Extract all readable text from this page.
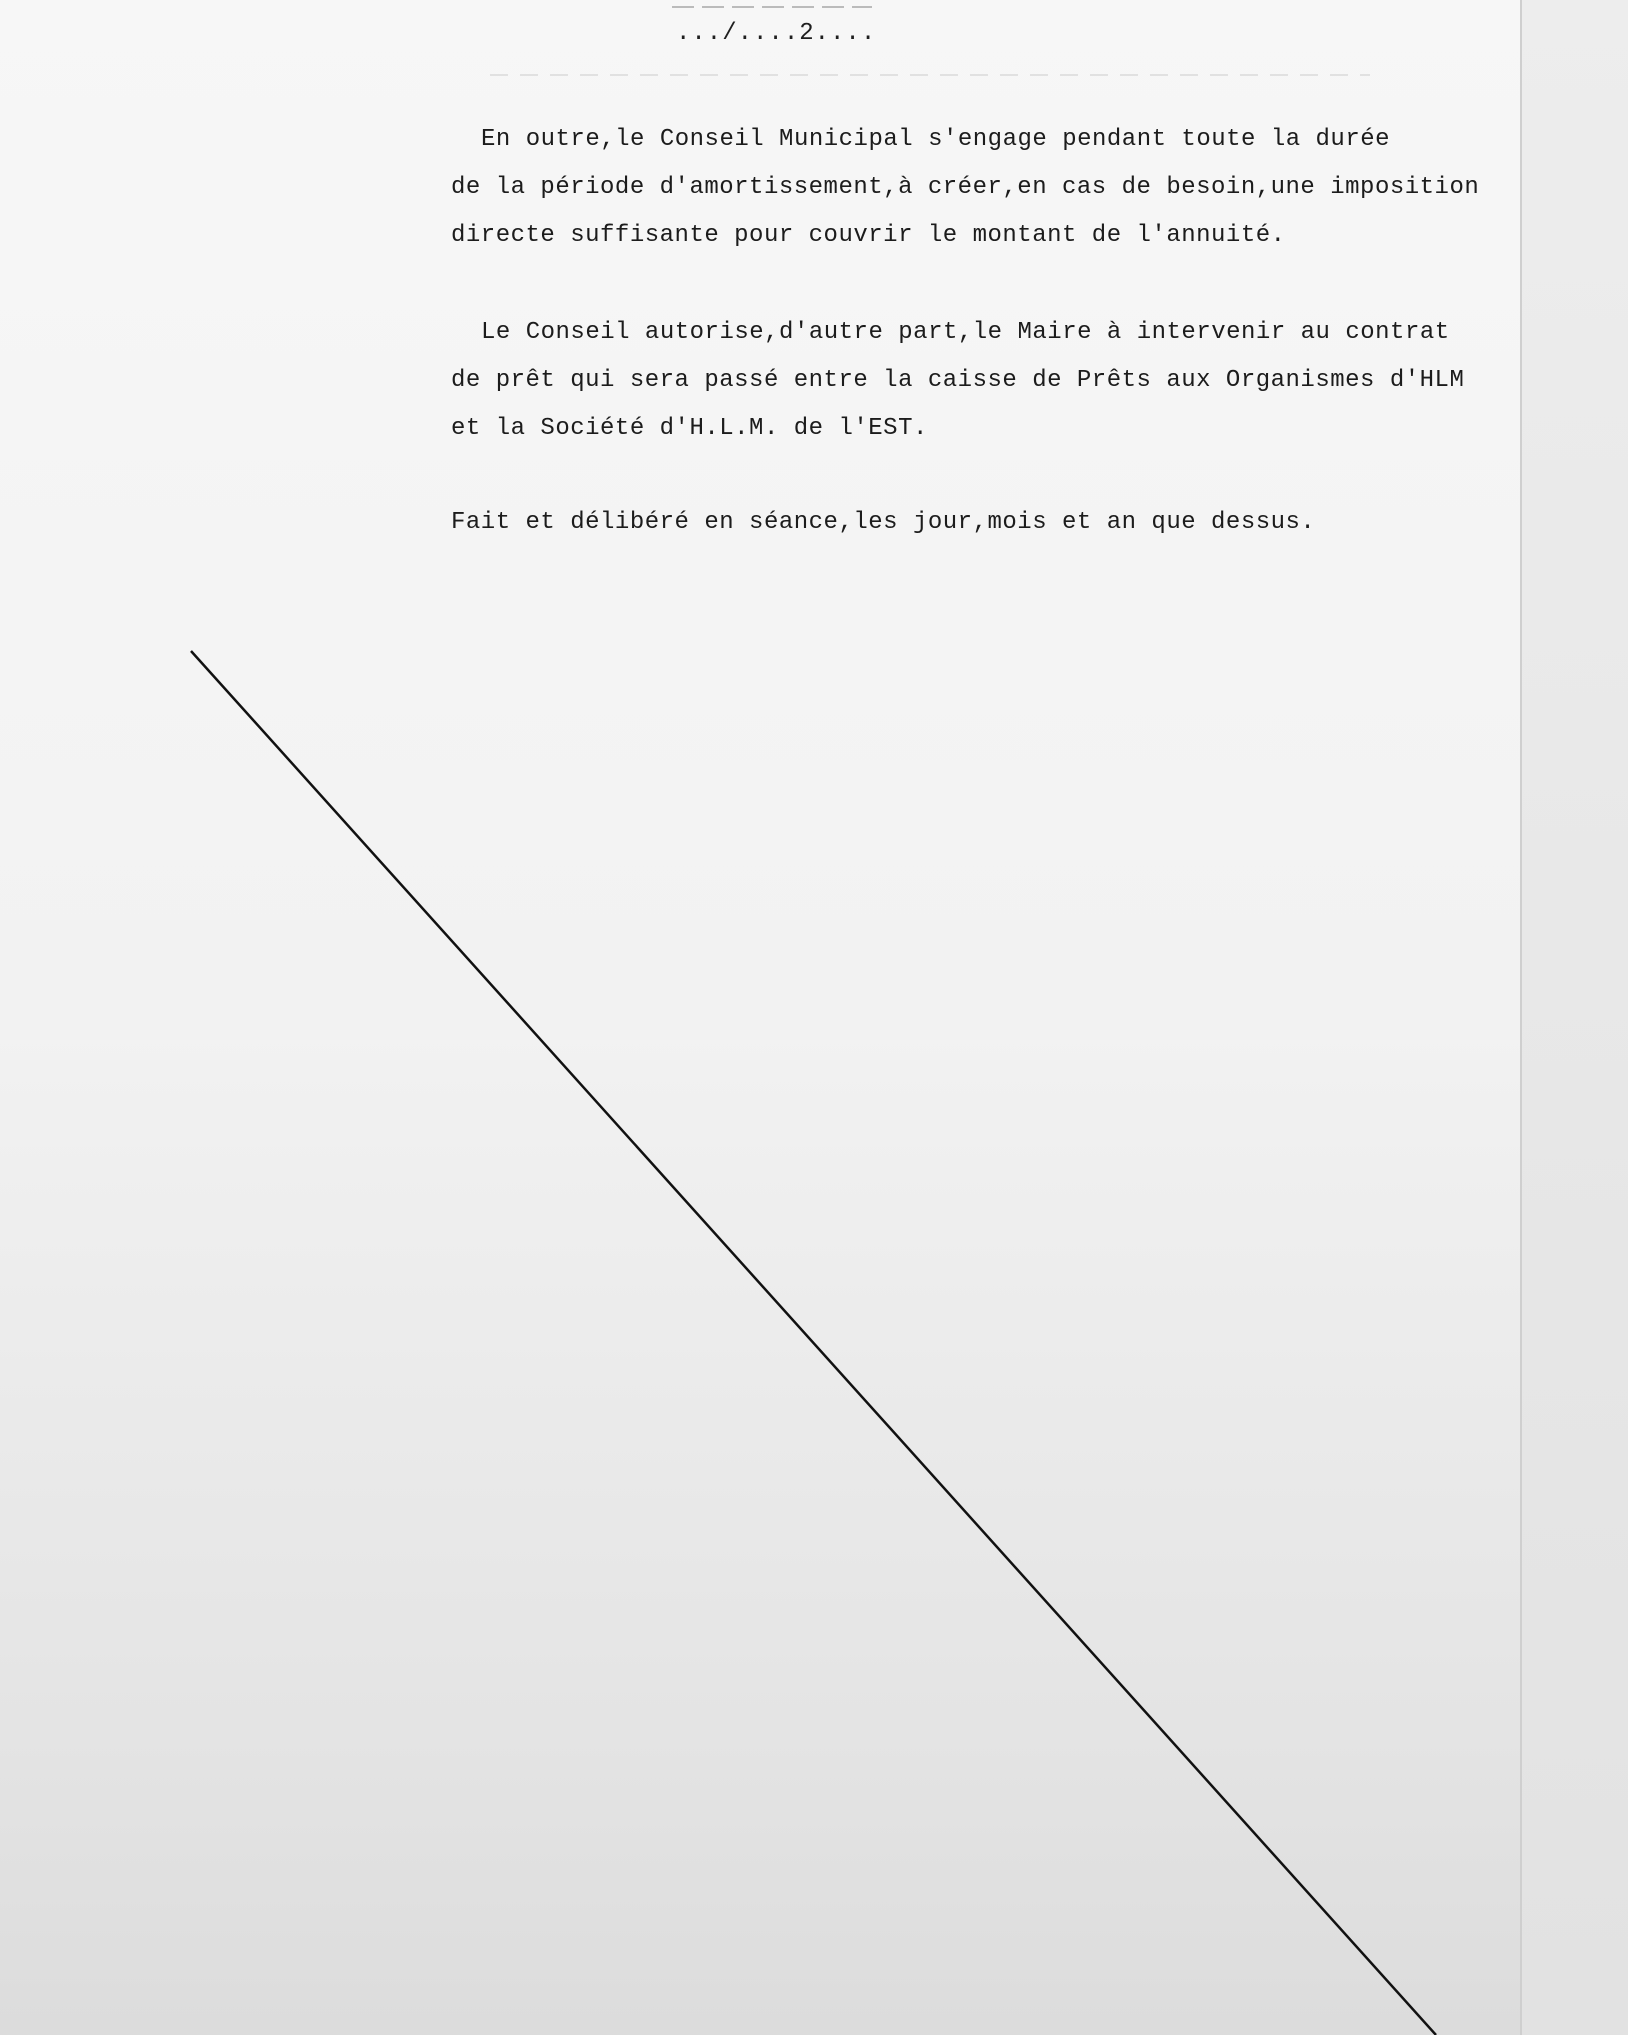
.../....2....
En outre,le Conseil Municipal s'engage pendant toute la durée
de la période d'amortissement,à créer,en cas de besoin,une imposition
directe suffisante pour couvrir le montant de l'annuité.
Le Conseil autorise,d'autre part,le Maire à intervenir au contrat
de prêt qui sera passé entre la caisse de Prêts aux Organismes d'HLM
et la Société d'H.L.M. de l'EST.
Fait et délibéré en séance,les jour,mois et an que dessus.
